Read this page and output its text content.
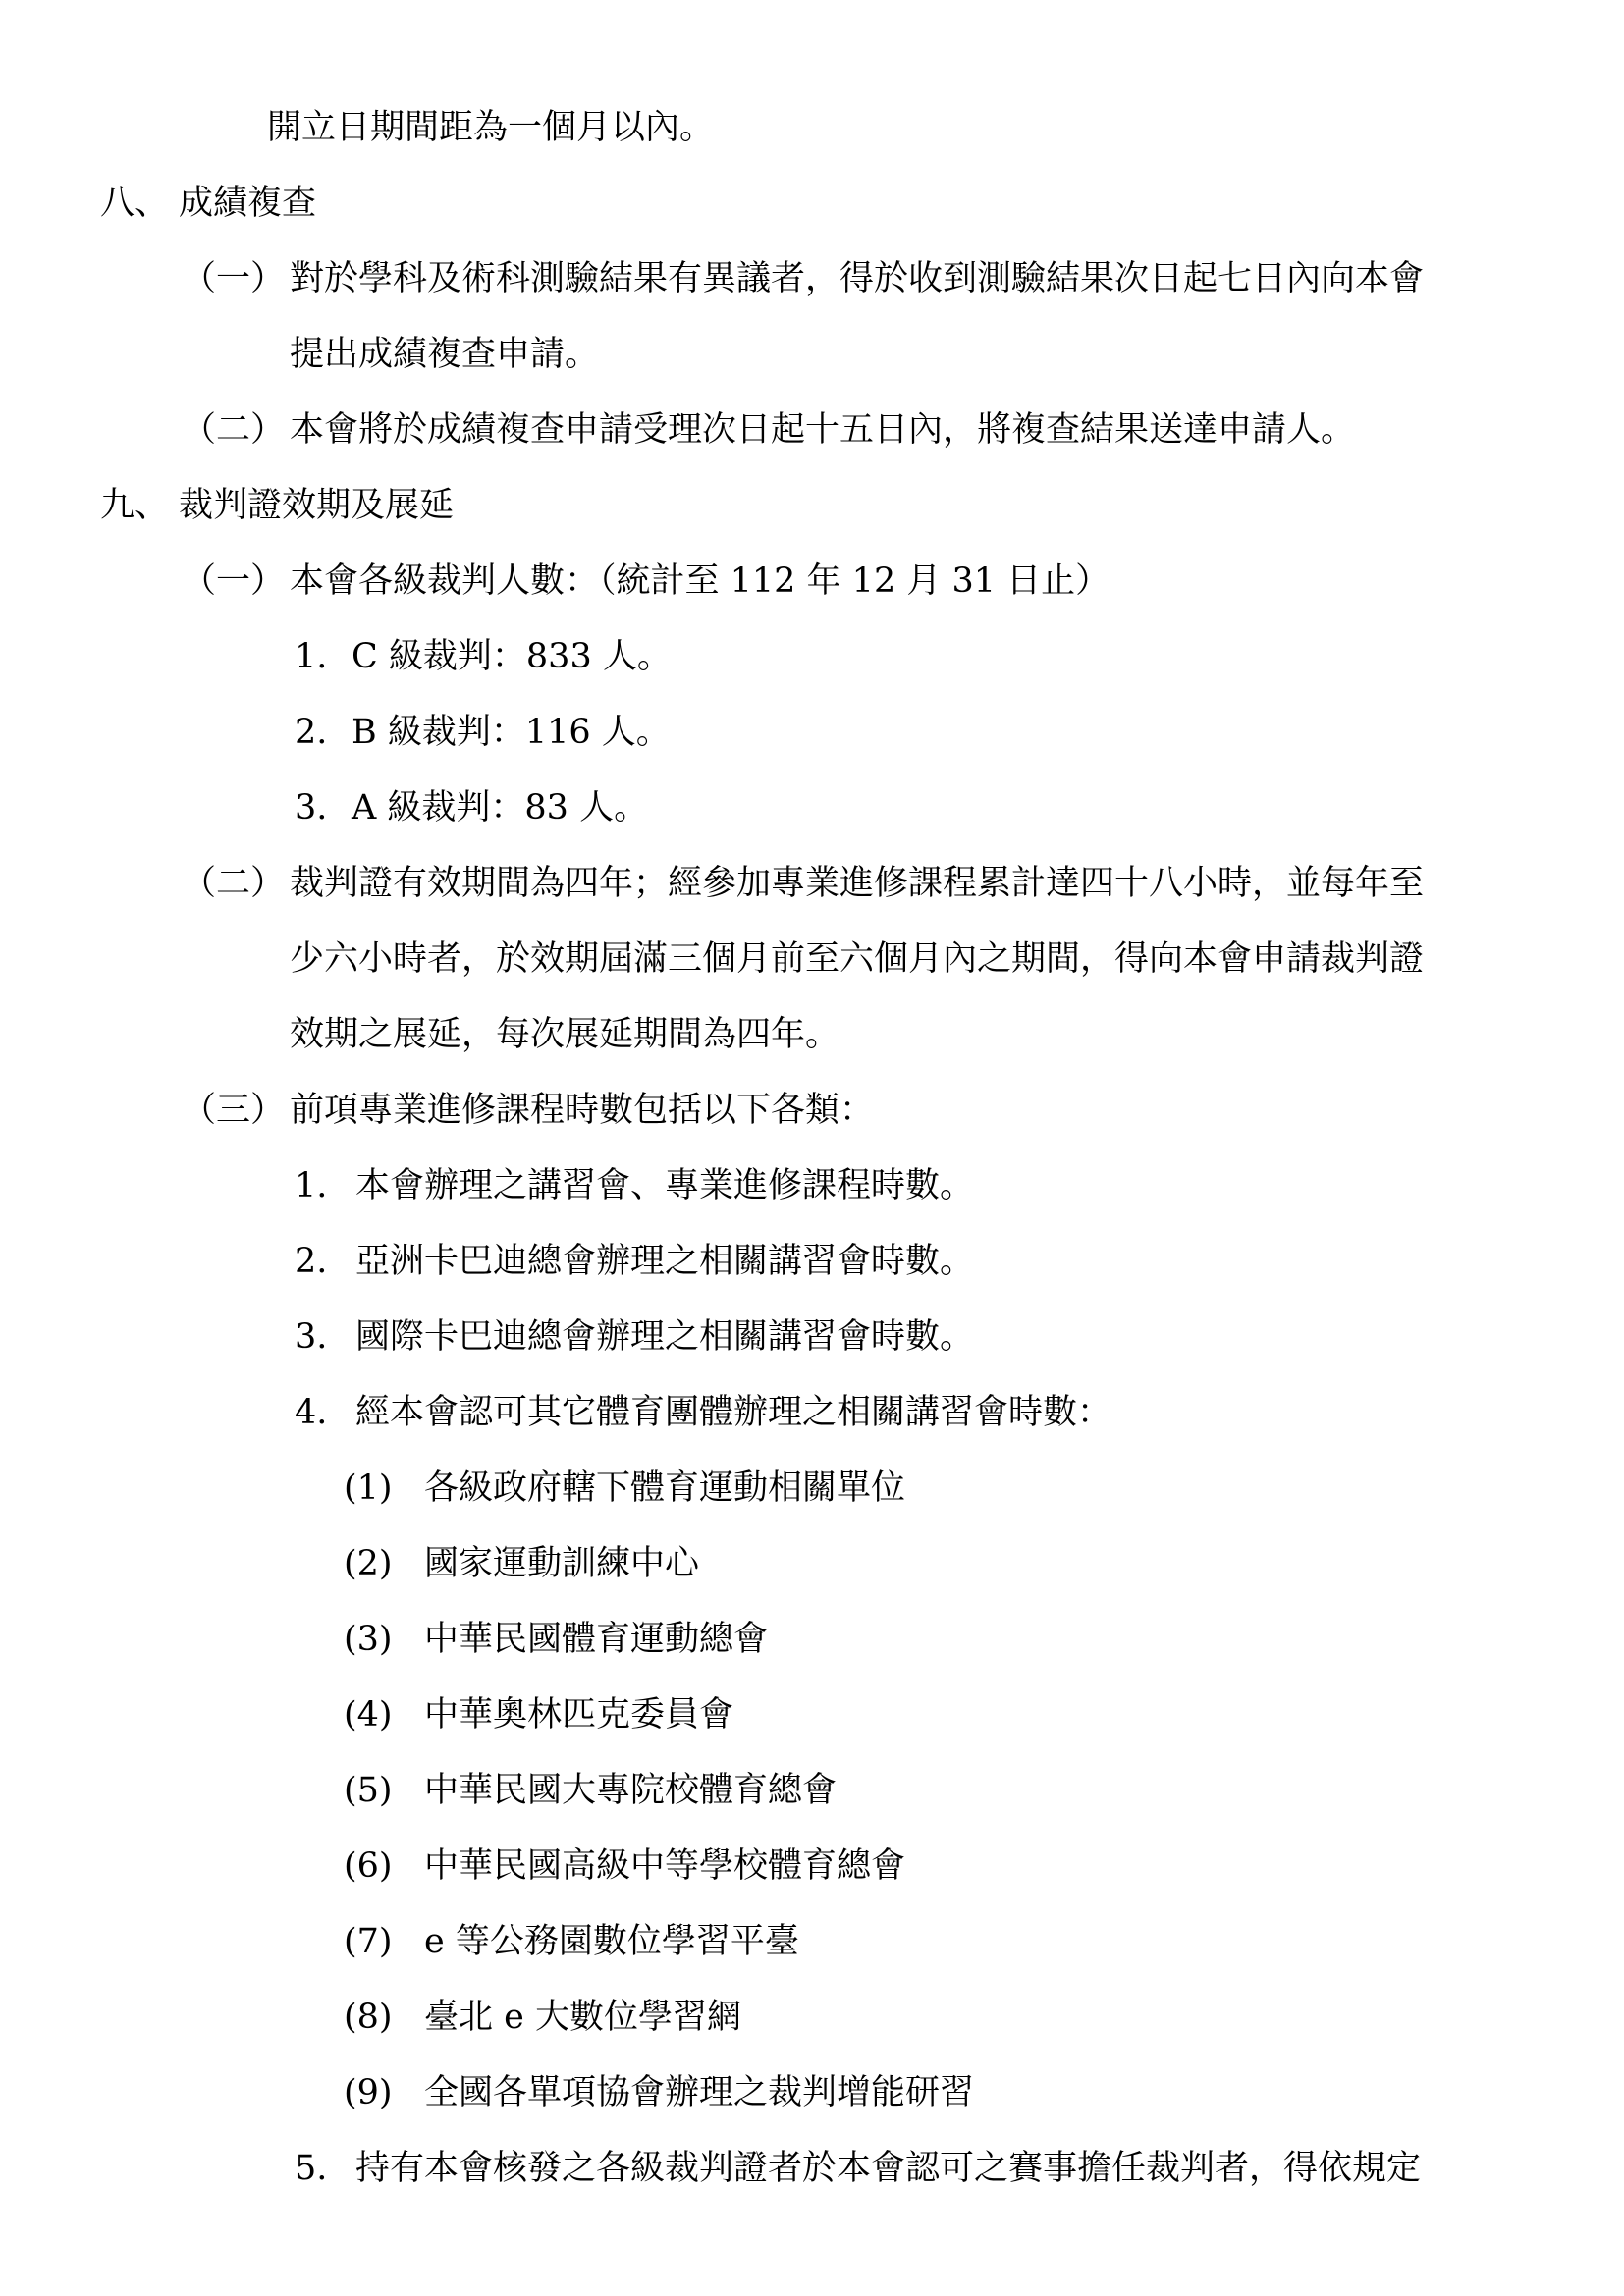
開立日期間距為一個月以內。
八、 成績複查
（一） 對於學科及術科測驗結果有異議者，得於收到測驗結果次日起七日內向本會
提出成績複查申請。
（二） 本會將於成績複查申請受理次日起十五日內，將複查結果送達申請人。
九、 裁判證效期及展延
（一） 本會各級裁判人數：（統計至 112 年 12 月 31 日止）
1. C 級裁判：833 人。
2. B 級裁判：116 人。
3. A 級裁判：83 人。
（二） 裁判證有效期間為四年；經參加專業進修課程累計達四十八小時，並每年至
少六小時者，於效期屆滿三個月前至六個月內之期間，得向本會申請裁判證
效期之展延，每次展延期間為四年。
（三） 前項專業進修課程時數包括以下各類：
1. 本會辦理之講習會、專業進修課程時數。
2. 亞洲卡巴迪總會辦理之相關講習會時數。
3. 國際卡巴迪總會辦理之相關講習會時數。
4. 經本會認可其它體育團體辦理之相關講習會時數：
(1) 各級政府轄下體育運動相關單位
(2) 國家運動訓練中心
(3) 中華民國體育運動總會
(4) 中華奧林匹克委員會
(5) 中華民國大專院校體育總會
(6) 中華民國高級中等學校體育總會
(7) e 等公務園數位學習平臺
(8) 臺北 e 大數位學習網
(9) 全國各單項協會辦理之裁判增能研習
5. 持有本會核發之各級裁判證者於本會認可之賽事擔任裁判者，得依規定
